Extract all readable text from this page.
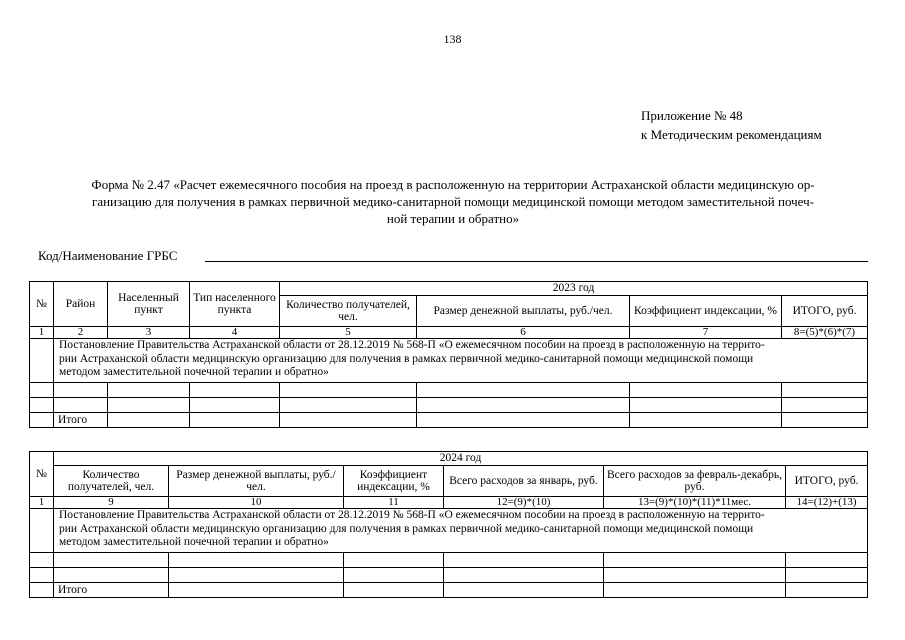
138
Приложение № 48
к Методическим рекомендациям
Форма № 2.47 «Расчет ежемесячного пособия на проезд в расположенную на территории Астраханской области медицинскую ор-
ганизацию для получения в рамках первичной медико-санитарной помощи медицинской помощи методом заместительной почеч-
ной терапии и обратно»
Код/Наименование ГРБС
№	Район	Населенный пункт	Тип населенного пункта	2023 год			
				Количество получателей, чел.	Размер денежной выплаты, руб./чел.	Коэффициент индексации, %	ИТОГО, руб.
1	2	3	4	5	6	7	8=(5)*(6)*(7)

	Постановление Правительства Астраханской области от 28.12.2019 № 568-П «О ежемесячном пособии на проезд в расположенную на террито-
рии Астраханской области медицинскую организацию для получения в рамках первичной медико-санитарной помощи медицинской помощи
методом заместительной почечной терапии и обратно»						

	Итого						
№	2024 год					
	Количество получателей, чел.	Размер денежной выплаты, руб./чел.	Коэффициент индексации, %	Всего расходов за январь, руб.	Всего расходов за февраль-декабрь, руб.	ИТОГО, руб.
1	9	10	11	12=(9)*(10)	13=(9)*(10)*(11)*11мес.	14=(12)+(13)

	Постановление Правительства Астраханской области от 28.12.2019 № 568-П «О ежемесячном пособии на проезд в расположенную на террито-
рии Астраханской области медицинскую организацию для получения в рамках первичной медико-санитарной помощи медицинской помощи
методом заместительной почечной терапии и обратно»					

	Итого					
